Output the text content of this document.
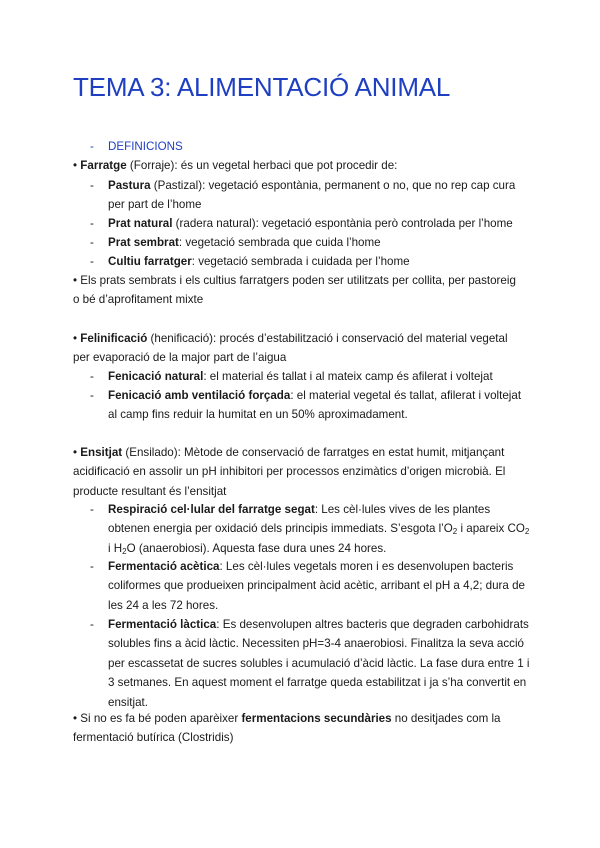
TEMA 3: ALIMENTACIÓ ANIMAL
- DEFINICIONS
• Farratge (Forraje): és un vegetal herbaci que pot procedir de:
-	Pastura (Pastizal): vegetació espontània, permanent o no, que no rep cap cura per part de l’home
-	Prat natural (radera natural): vegetació espontània però controlada per l’home
-	Prat sembrat: vegetació sembrada que cuida l’home
-	Cultiu farratger: vegetació sembrada i cuidada per l’home
• Els prats sembrats i els cultius farratgers poden ser utilitzats per collita, per pastoreig o bé d’aprofitament mixte
• Felinificació (henificació): procés d’estabilització i conservació del material vegetal per evaporació de la major part de l’aigua
-	Fenicació natural: el material és tallat i al mateix camp és afilerat i voltejat
-	Fenicació amb ventilació forçada: el material vegetal és tallat, afilerat i voltejat al camp fins reduir la humitat en un 50% aproximadament.
• Ensitjat (Ensilado): Mètode de conservació de farratges en estat humit, mitjançant acidificació en assolir un pH inhibitori per processos enzimàtics d’origen microbià. El producte resultant és l’ensitjat
-	Respiració cel·lular del farratge segat: Les cèl·lules vives de les plantes obtenen energia per oxidació dels principis immediats. S’esgota $l’O_2$ i apareix $CO_2$ i $H_2O$ (anaerobiosi). Aquesta fase dura unes 24 hores.
-	Fermentació acètica: Les cèl·lules vegetals moren i es desenvolupen bacteris coliformes que produeixen principalment àcid acètic, arribant el pH a 4,2; dura de les 24 a les 72 hores.
-	Fermentació làctica: Es desenvolupen altres bacteris que degraden carbohidrats solubles fins a àcid làctic. Necessiten pH=3-4 anaerobiosi. Finalitza la seva acció per escassetat de sucres solubles i acumulació d’àcid làctic. La fase dura entre 1 i 3 setmanes. En aquest moment el farratge queda estabilitzat i ja s’ha convertit en ensitjat.
• Si no es fa bé poden aparèixer fermentacions secundàries no desitjades com la fermentació butírica (Clostridis)
